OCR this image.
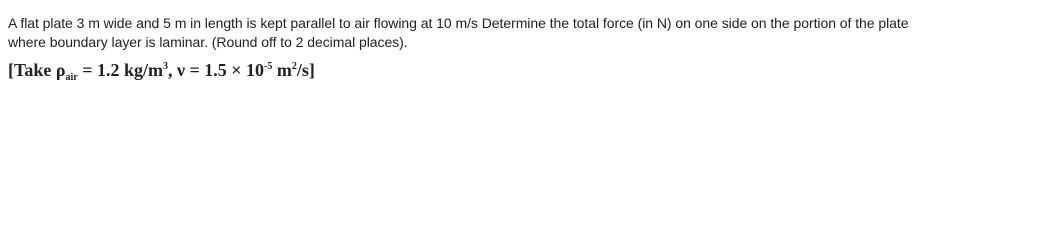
A flat plate 3 m wide and 5 m in length is kept parallel to air flowing at 10 m/s Determine the total force (in N) on one side on the portion of the plate
where boundary layer is laminar. (Round off to 2 decimal places).

[Take $\rho_{air} = 1.2$ $kg/m^3$, $\nu = 1.5 \times 10^{-5}$ $m^2/s$]
